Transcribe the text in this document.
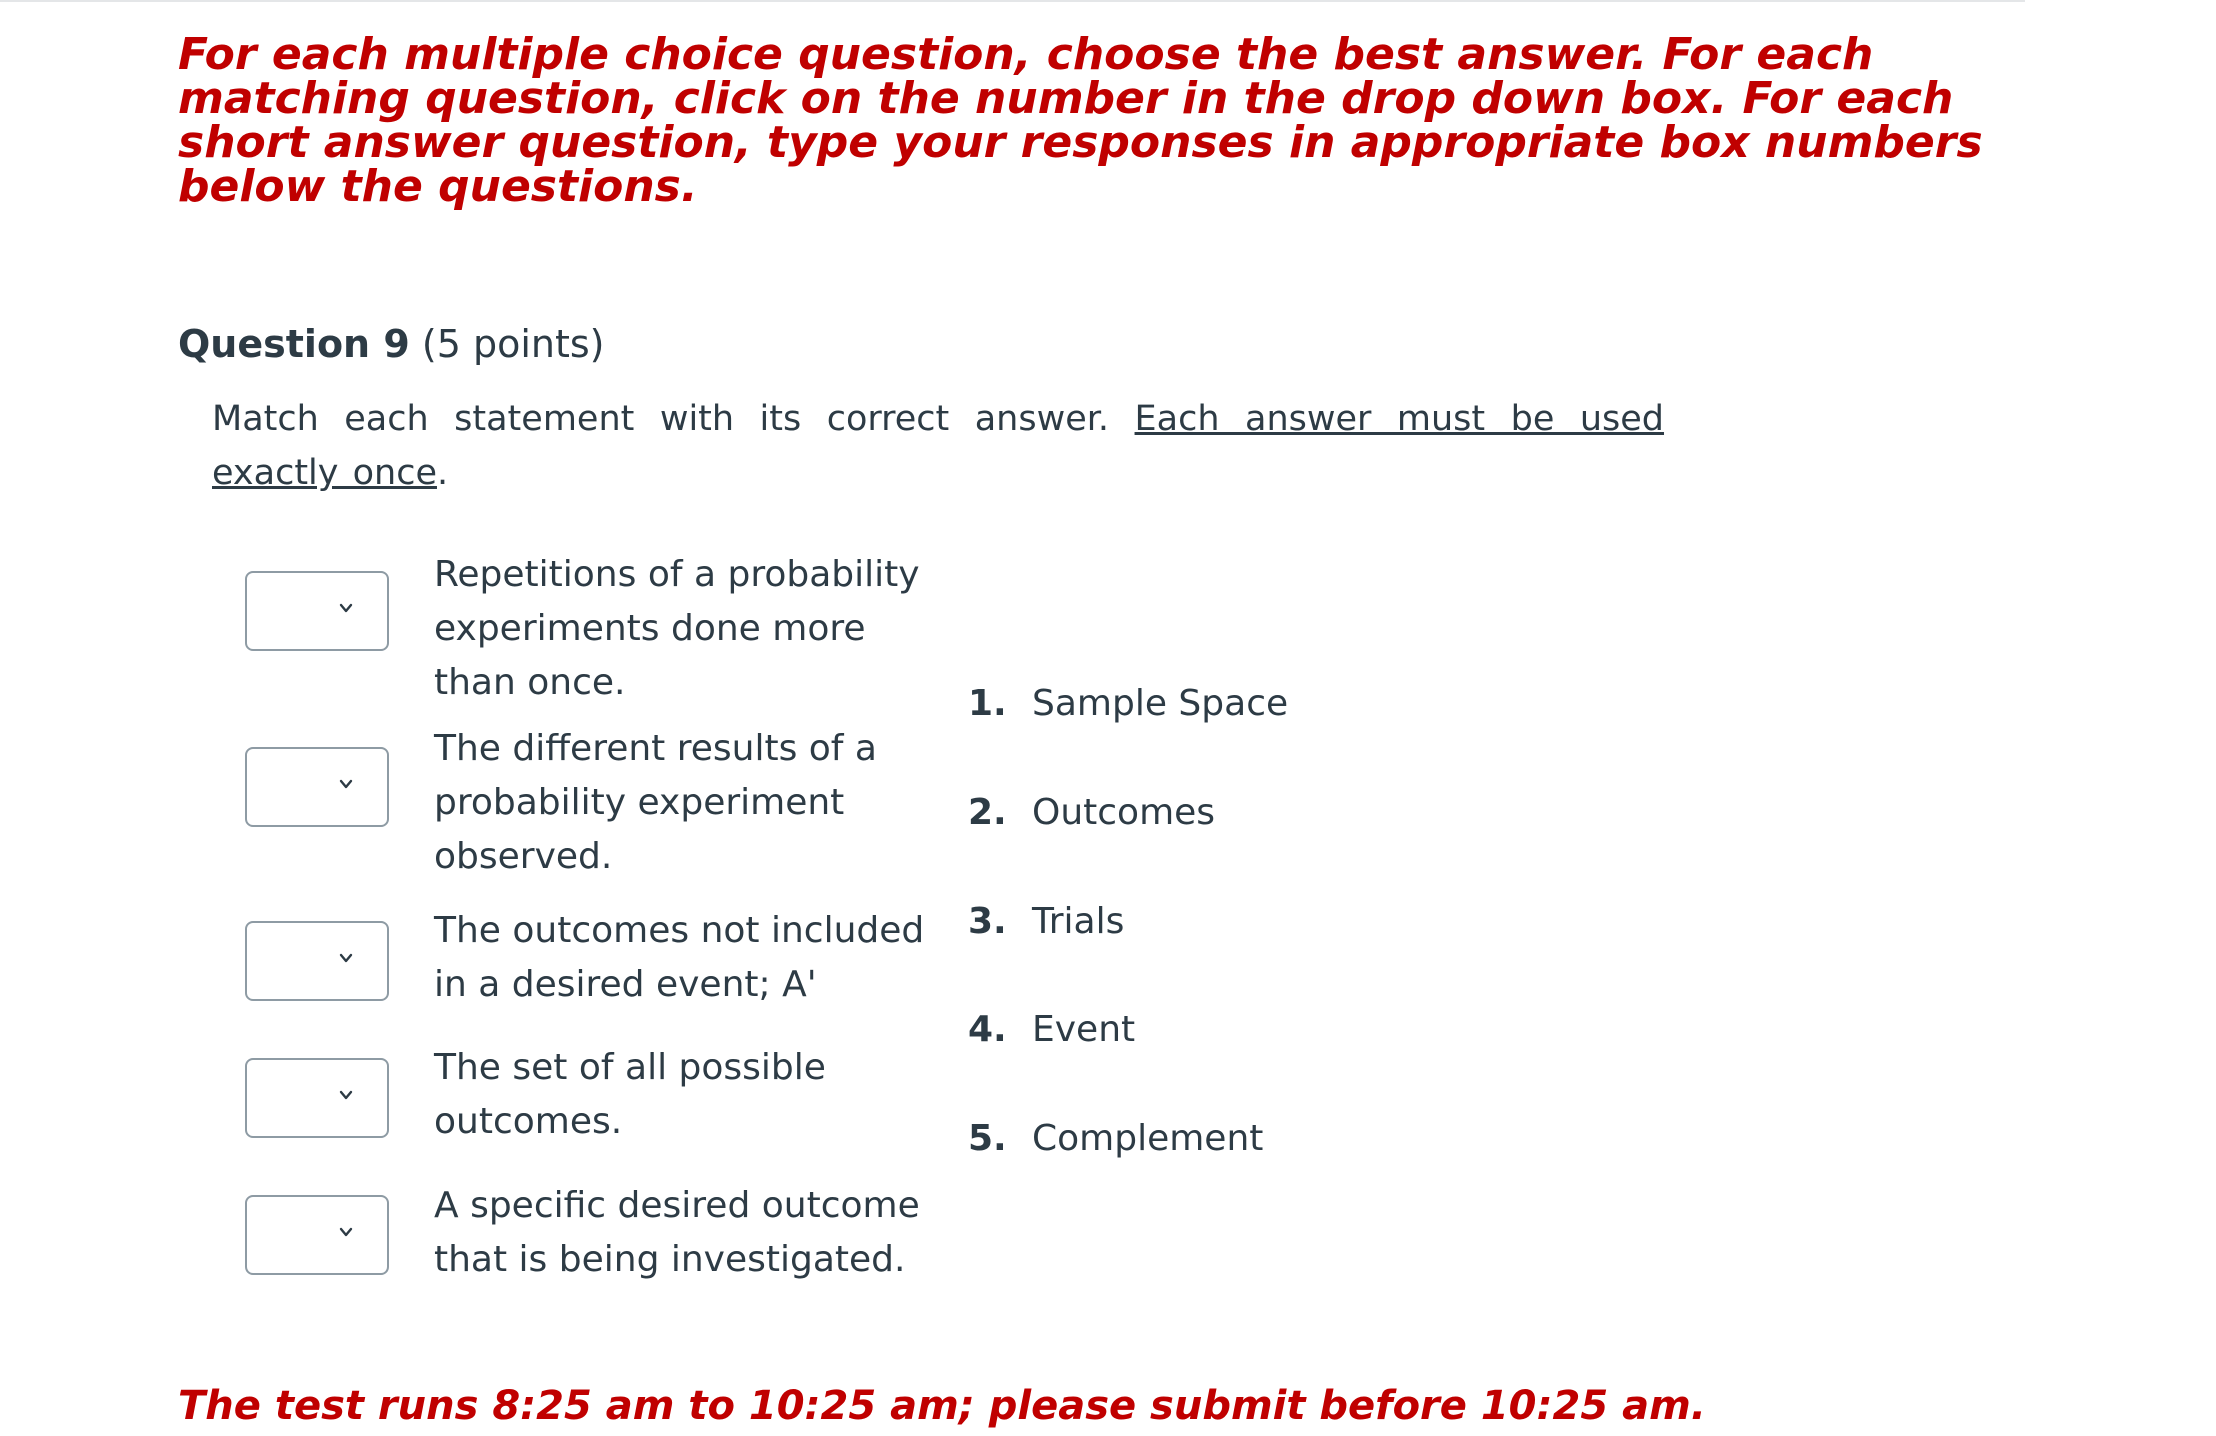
For each multiple choice question, choose the best answer. For each
matching question, click on the number in the drop down box. For each
short answer question, type your responses in appropriate box numbers
below the questions.
Question 9 (5 points)
Match each statement with its correct answer. Each answer must be used exactly once.
Repetitions of a probability
experiments done more
than once.
The different results of a
probability experiment
observed.
The outcomes not included
in a desired event; A'
The set of all possible
outcomes.
A specific desired outcome
that is being investigated.
1. Sample Space
2. Outcomes
3. Trials
4. Event
5. Complement
The test runs 8:25 am to 10:25 am; please submit before 10:25 am.
